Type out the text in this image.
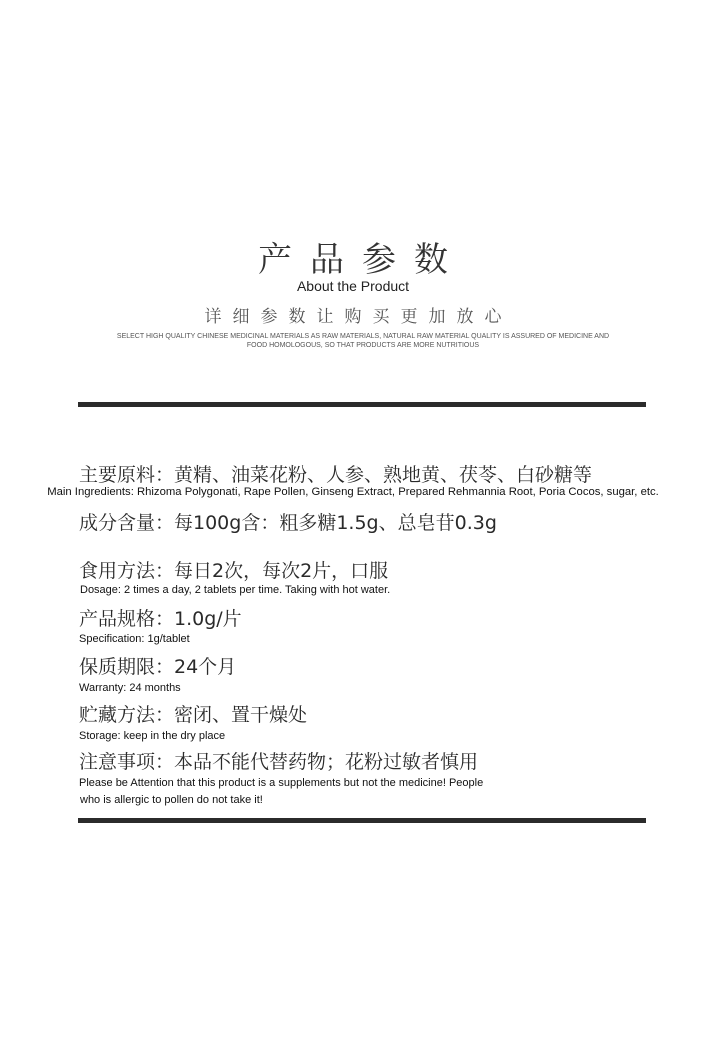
产品参数
About the Product
详细参数让购买更加放心
SELECT HIGH QUALITY CHINESE MEDICINAL MATERIALS AS RAW MATERIALS, NATURAL RAW MATERIAL QUALITY IS ASSURED OF MEDICINE AND FOOD HOMOLOGOUS, SO THAT PRODUCTS ARE MORE NUTRITIOUS
主要原料：黄精、油菜花粉、人参、熟地黄、茯苓、白砂糖等
Main Ingredients: Rhizoma Polygonati, Rape Pollen, Ginseng Extract, Prepared Rehmannia Root, Poria Cocos, sugar, etc.
成分含量：每100g含：粗多糖1.5g、总皂苷0.3g
食用方法：每日2次，每次2片，口服
Dosage: 2 times a day, 2 tablets per time. Taking with hot water.
产品规格：1.0g/片
Specification: 1g/tablet
保质期限：24个月
Warranty: 24 months
贮藏方法：密闭、置干燥处
Storage: keep in the dry place
注意事项：本品不能代替药物；花粉过敏者慎用
Please be Attention that this product is a supplements but not the medicine! People
who is allergic to pollen do not take it!
